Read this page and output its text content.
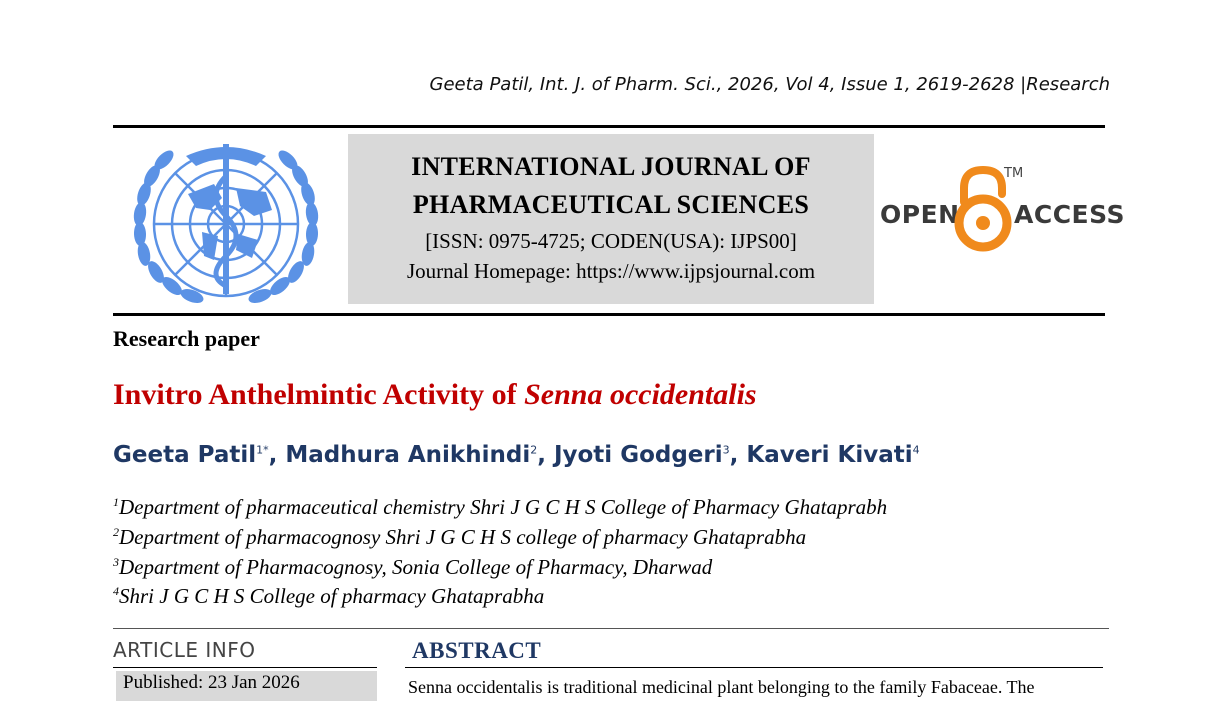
Geeta Patil, Int. J. of Pharm. Sci., 2026, Vol 4, Issue 1, 2619-2628 |Research
INTERNATIONAL JOURNAL OF
PHARMACEUTICAL SCIENCES
[ISSN: 0975-4725; CODEN(USA): IJPS00]
Journal Homepage: https://www.ijpsjournal.com
OPEN
TM
ACCESS
Research paper
Invitro Anthelmintic Activity of Senna occidentalis
Geeta Patil$^{1*}$, Madhura Anikhindi$^2$, Jyoti Godgeri$^3$, Kaveri Kivati$^4$
$^1$Department of pharmaceutical chemistry Shri J G C H S College of Pharmacy Ghataprabh
$^2$Department of pharmacognosy Shri J G C H S college of pharmacy Ghataprabha
$^3$Department of Pharmacognosy, Sonia College of Pharmacy, Dharwad
$^4$Shri J G C H S College of pharmacy Ghataprabha
ARTICLE INFO
Published: 23 Jan 2026
ABSTRACT
Senna occidentalis is traditional medicinal plant belonging to the family Fabaceae. The
